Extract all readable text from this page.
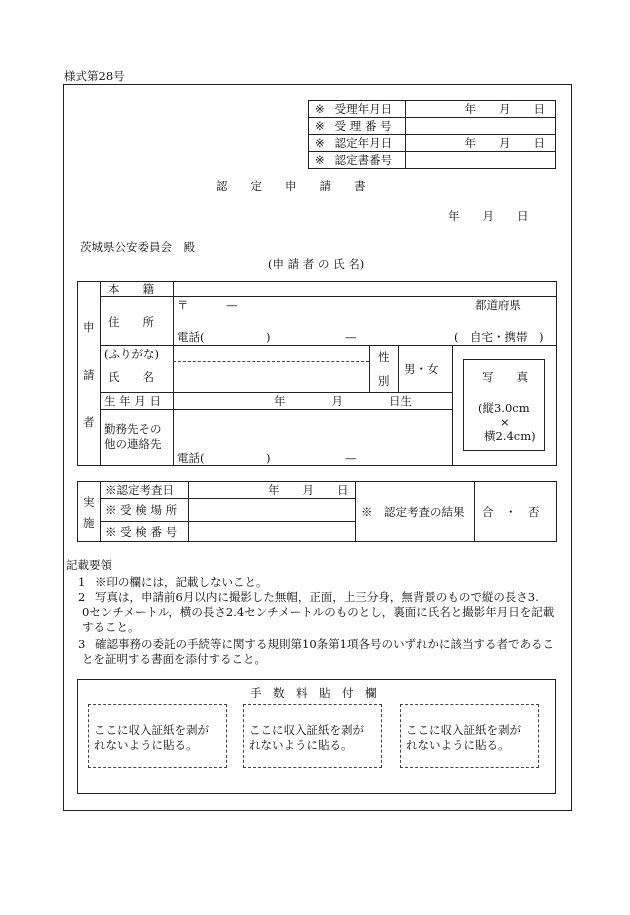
様式第28号
※ 受理年月日	年　　月　　日
※ 受 理 番 号	
※ 認定年月日	年　　月　　日
※ 認定書番号	
認　　定　　申　　請　　書
年　　月　　日
茨城県公安委員会　殿
(申 請 者 の 氏 名)
申
請
者
本　　籍
住　　所
〒	—	都道府県
電話(	)	—	(　自宅・携帯　)
(ふりがな)
氏　　名
性
別
男・女
生 年 月 日	年　　　　月　　　　日生
勤務先その
他の連絡先
電話(	)	—
写　　真
(縦3.0cm
×
横2.4cm)
実
施
※認定考査日	年　　月　　日
※ 受 検 場 所
※ 受 検 番 号
※　認定考査の結果 合　・　否
記載要領
1 ※印の欄には，記載しないこと。
2 写真は，申請前6月以内に撮影した無帽，正面，上三分身，無背景のもので縦の長さ3.
0センチメートル，横の長さ2.4センチメートルのものとし，裏面に氏名と撮影年月日を記載
すること。
3 確認事務の委託の手続等に関する規則第10条第1項各号のいずれかに該当する者であるこ
とを証明する書面を添付すること。
手　数　料　貼　付　欄
ここに収入証紙を剥が
れないように貼る。
ここに収入証紙を剥が
れないように貼る。
ここに収入証紙を剥が
れないように貼る。
